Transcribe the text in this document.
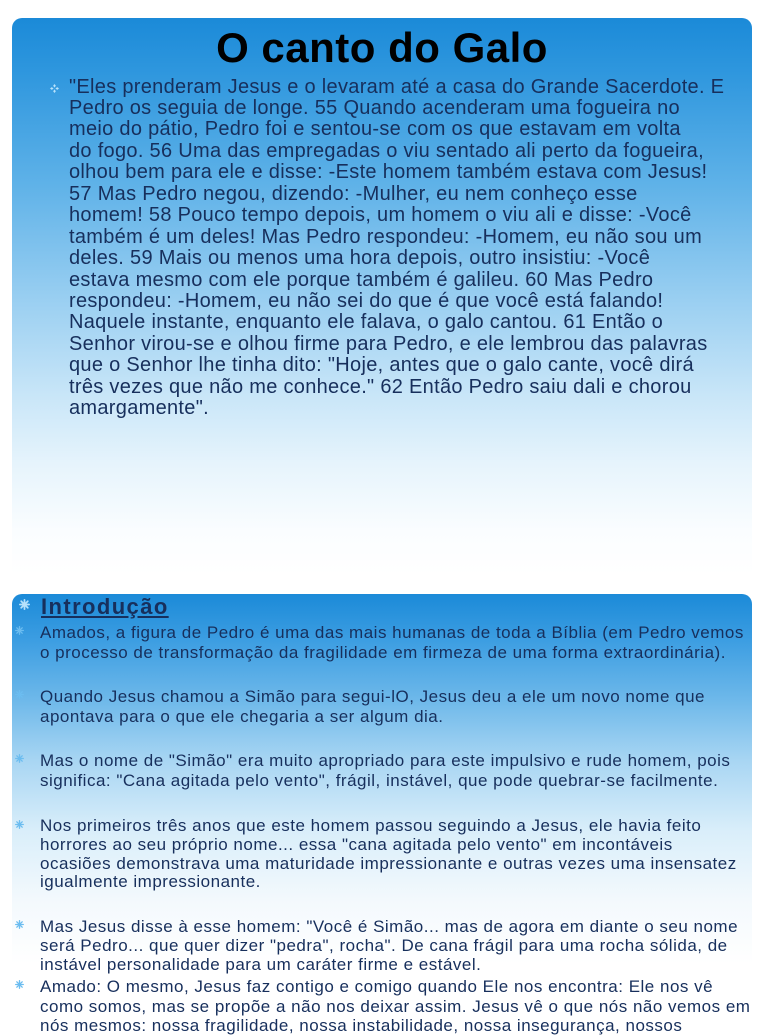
O canto do Galo
"Eles prenderam Jesus e o levaram até a casa do Grande Sacerdote. E
Pedro os seguia de longe. 55 Quando acenderam uma fogueira no
meio do pátio, Pedro foi e sentou-se com os que estavam em volta
do fogo. 56 Uma das empregadas o viu sentado ali perto da fogueira,
olhou bem para ele e disse: -Este homem também estava com Jesus!
57 Mas Pedro negou, dizendo: -Mulher, eu nem conheço esse
homem! 58 Pouco tempo depois, um homem o viu ali e disse: -Você
também é um deles! Mas Pedro respondeu: -Homem, eu não sou um
deles. 59 Mais ou menos uma hora depois, outro insistiu: -Você
estava mesmo com ele porque também é galileu. 60 Mas Pedro
respondeu: -Homem, eu não sei do que é que você está falando!
Naquele instante, enquanto ele falava, o galo cantou. 61 Então o
Senhor virou-se e olhou firme para Pedro, e ele lembrou das palavras
que o Senhor lhe tinha dito: "Hoje, antes que o galo cante, você dirá
três vezes que não me conhece." 62 Então Pedro saiu dali e chorou
amargamente".
Introdução
Amados, a figura de Pedro é uma das mais humanas de toda a Bíblia (em Pedro vemos
o processo de transformação da fragilidade em firmeza de uma forma extraordinária).
Quando Jesus chamou a Simão para segui-lO, Jesus deu a ele um novo nome que
apontava para o que ele chegaria a ser algum dia.
Mas o nome de "Simão" era muito apropriado para este impulsivo e rude homem, pois
significa: "Cana agitada pelo vento", frágil, instável, que pode quebrar-se facilmente.
Nos primeiros três anos que este homem passou seguindo a Jesus, ele havia feito
horrores ao seu próprio nome... essa "cana agitada pelo vento" em incontáveis
ocasiões demonstrava uma maturidade impressionante e outras vezes uma insensatez
igualmente impressionante.
Mas Jesus disse à esse homem: "Você é Simão... mas de agora em diante o seu nome
será Pedro... que quer dizer "pedra", rocha". De cana frágil para uma rocha sólida, de
instável personalidade para um caráter firme e estável.
Amado: O mesmo, Jesus faz contigo e comigo quando Ele nos encontra: Ele nos vê
como somos, mas se propõe a não nos deixar assim. Jesus vê o que nós não vemos em
nós mesmos: nossa fragilidade, nossa instabilidade, nossa insegurança, nossos
